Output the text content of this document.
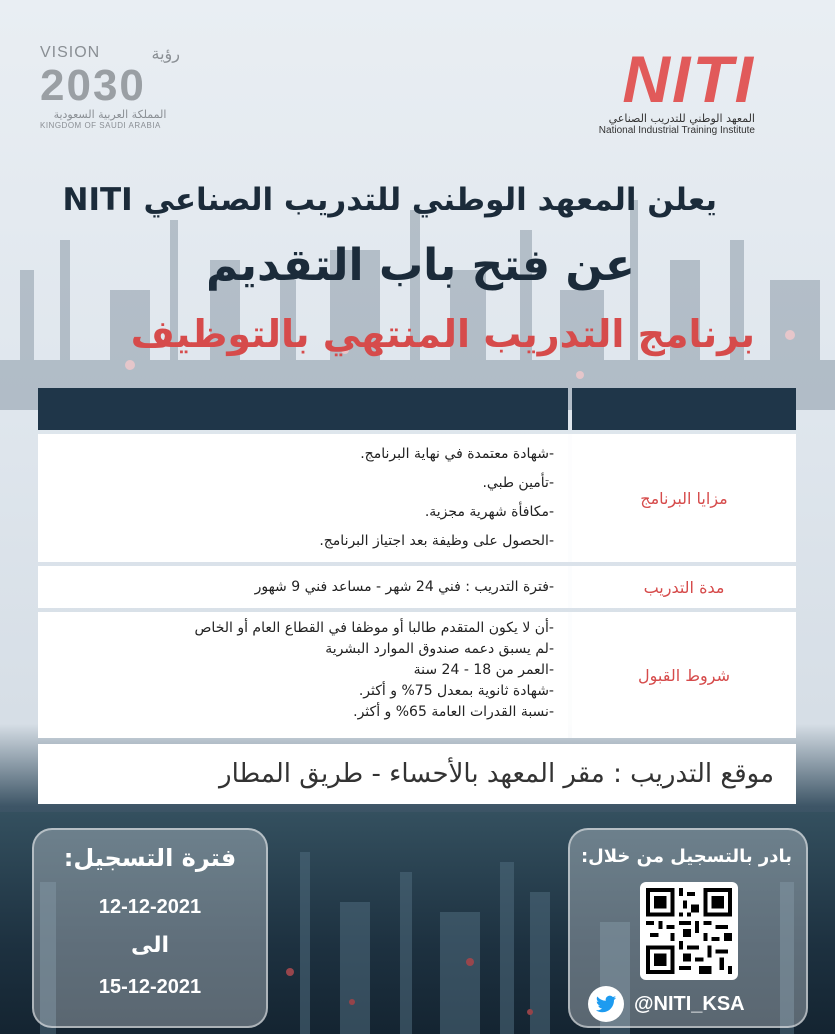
VISION	رؤية
2030
المملكة العربية السعودية
KINGDOM OF SAUDI ARABIA
NITI
المعهد الوطني للتدريب الصناعي
National Industrial Training Institute
يعلن المعهد الوطني للتدريب الصناعي NITI
عن فتح باب التقديم
برنامج التدريب المنتهي بالتوظيف
مزايا البرنامج
-شهادة معتمدة في نهاية البرنامج.
-تأمين طبي.
-مكافأة شهرية مجزية.
-الحصول على وظيفة بعد اجتياز البرنامج.
مدة التدريب
-فترة التدريب : فني 24 شهر - مساعد فني 9 شهور
شروط القبول
-أن لا يكون المتقدم طالبا أو موظفا في القطاع العام أو الخاص
-لم يسبق دعمه صندوق الموارد البشرية
-العمر من 18 - 24 سنة
-شهادة ثانوية بمعدل 75% و أكثر.
-نسبة القدرات العامة 65% و أكثر.
موقع التدريب : مقر المعهد بالأحساء - طريق المطار
فترة التسجيل:
12-12-2021
الى
15-12-2021
بادر بالتسجيل من خلال:
@NITI_KSA
